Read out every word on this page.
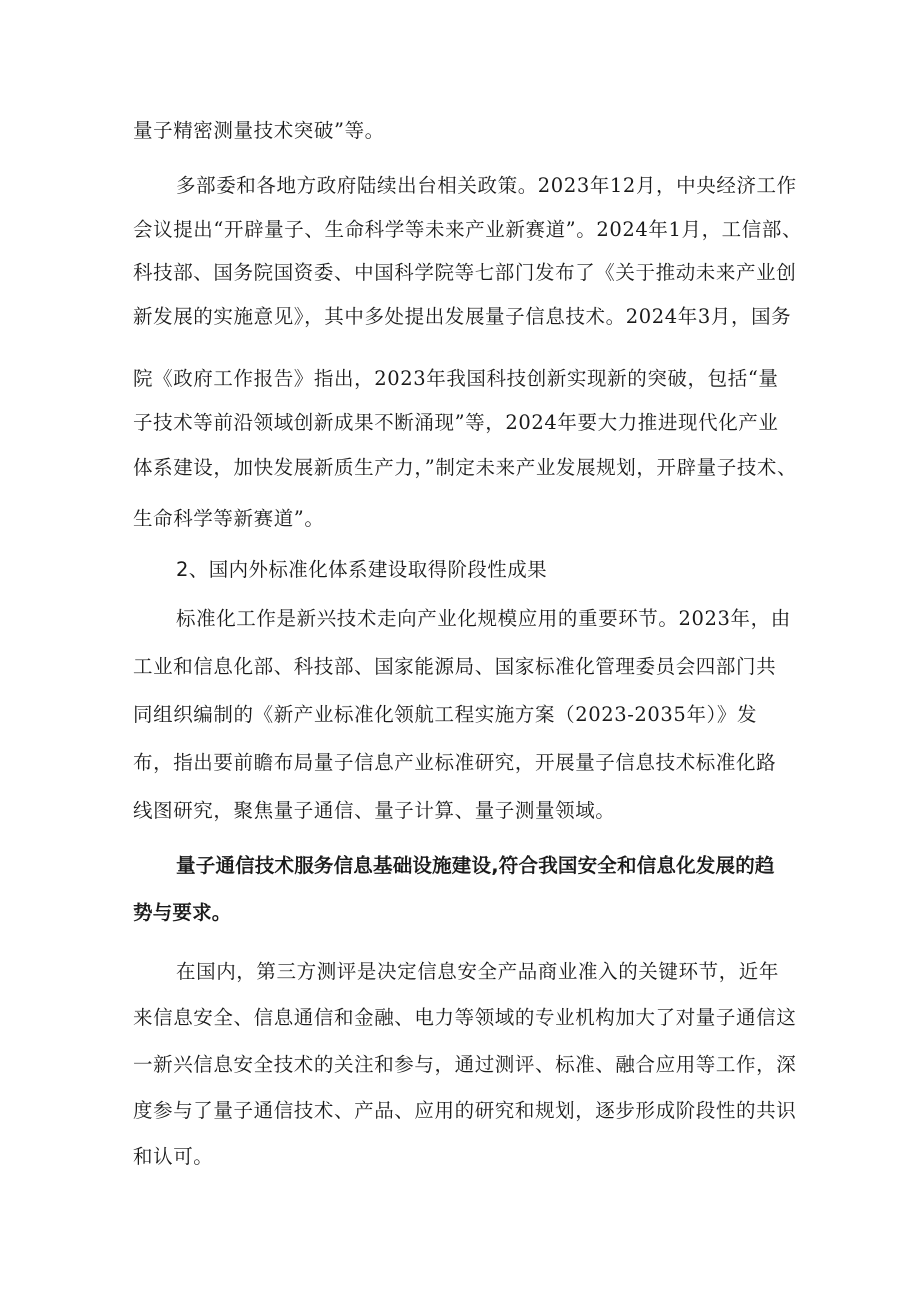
量子精密测量技术突破”等。
多部委和各地方政府陆续出台相关政策。2023年12月，中央经济工作
会议提出“开辟量子、生命科学等未来产业新赛道”。2024年1月，工信部、
科技部、国务院国资委、中国科学院等七部门发布了《关于推动未来产业创
新发展的实施意见》，其中多处提出发展量子信息技术。2024年3月，国务
院《政府工作报告》指出，2023年我国科技创新实现新的突破，包括“量
子技术等前沿领域创新成果不断涌现”等，2024年要大力推进现代化产业
体系建设，加快发展新质生产力，”制定未来产业发展规划，开辟量子技术、
生命科学等新赛道”。
2、国内外标准化体系建设取得阶段性成果
标准化工作是新兴技术走向产业化规模应用的重要环节。2023年，由
工业和信息化部、科技部、国家能源局、国家标准化管理委员会四部门共
同组织编制的《新产业标准化领航工程实施方案（2023-2035年）》发
布，指出要前瞻布局量子信息产业标准研究，开展量子信息技术标准化路
线图研究，聚焦量子通信、量子计算、量子测量领域。
量子通信技术服务信息基础设施建设,符合我国安全和信息化发展的趋
势与要求。
在国内，第三方测评是决定信息安全产品商业准入的关键环节，近年
来信息安全、信息通信和金融、电力等领域的专业机构加大了对量子通信这
一新兴信息安全技术的关注和参与，通过测评、标准、融合应用等工作，深
度参与了量子通信技术、产品、应用的研究和规划，逐步形成阶段性的共识
和认可。
